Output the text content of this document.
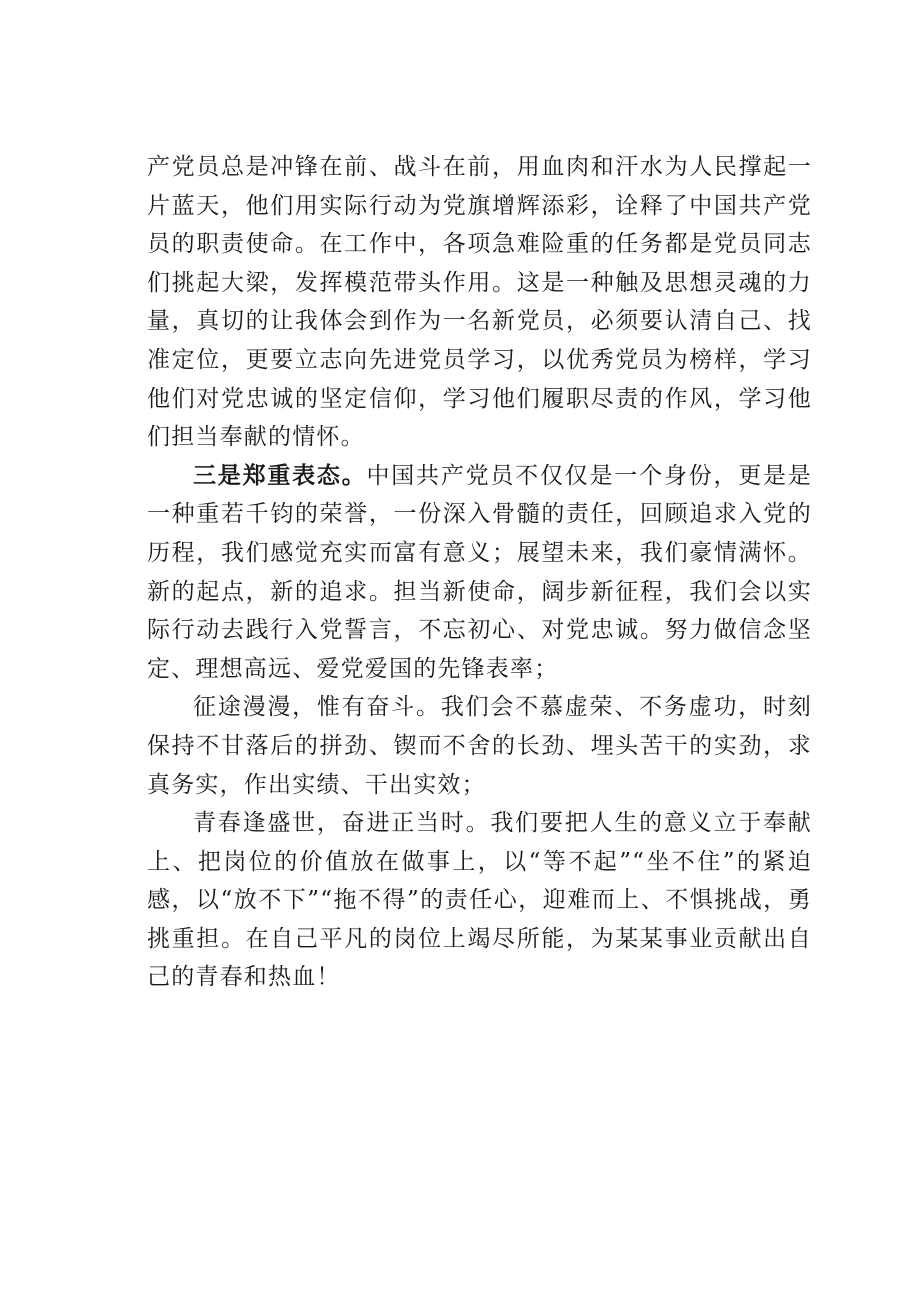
产党员总是冲锋在前、战斗在前，用血肉和汗水为人民撑起一片蓝天，他们用实际行动为党旗增辉添彩，诠释了中国共产党员的职责使命。在工作中，各项急难险重的任务都是党员同志们挑起大梁，发挥模范带头作用。这是一种触及思想灵魂的力量，真切的让我体会到作为一名新党员，必须要认清自己、找准定位，更要立志向先进党员学习，以优秀党员为榜样，学习他们对党忠诚的坚定信仰，学习他们履职尽责的作风，学习他们担当奉献的情怀。

三是郑重表态。中国共产党员不仅仅是一个身份，更是是一种重若千钧的荣誉，一份深入骨髓的责任，回顾追求入党的历程，我们感觉充实而富有意义；展望未来，我们豪情满怀。新的起点，新的追求。担当新使命，阔步新征程，我们会以实际行动去践行入党誓言，不忘初心、对党忠诚。努力做信念坚定、理想高远、爱党爱国的先锋表率；

征途漫漫，惟有奋斗。我们会不慕虚荣、不务虚功，时刻保持不甘落后的拼劲、锲而不舍的长劲、埋头苦干的实劲，求真务实，作出实绩、干出实效；

青春逢盛世，奋进正当时。我们要把人生的意义立于奉献上、把岗位的价值放在做事上，以“等不起”“坐不住”的紧迫感，以“放不下”“拖不得”的责任心，迎难而上、不惧挑战，勇挑重担。在自己平凡的岗位上竭尽所能，为某某事业贡献出自己的青春和热血！
